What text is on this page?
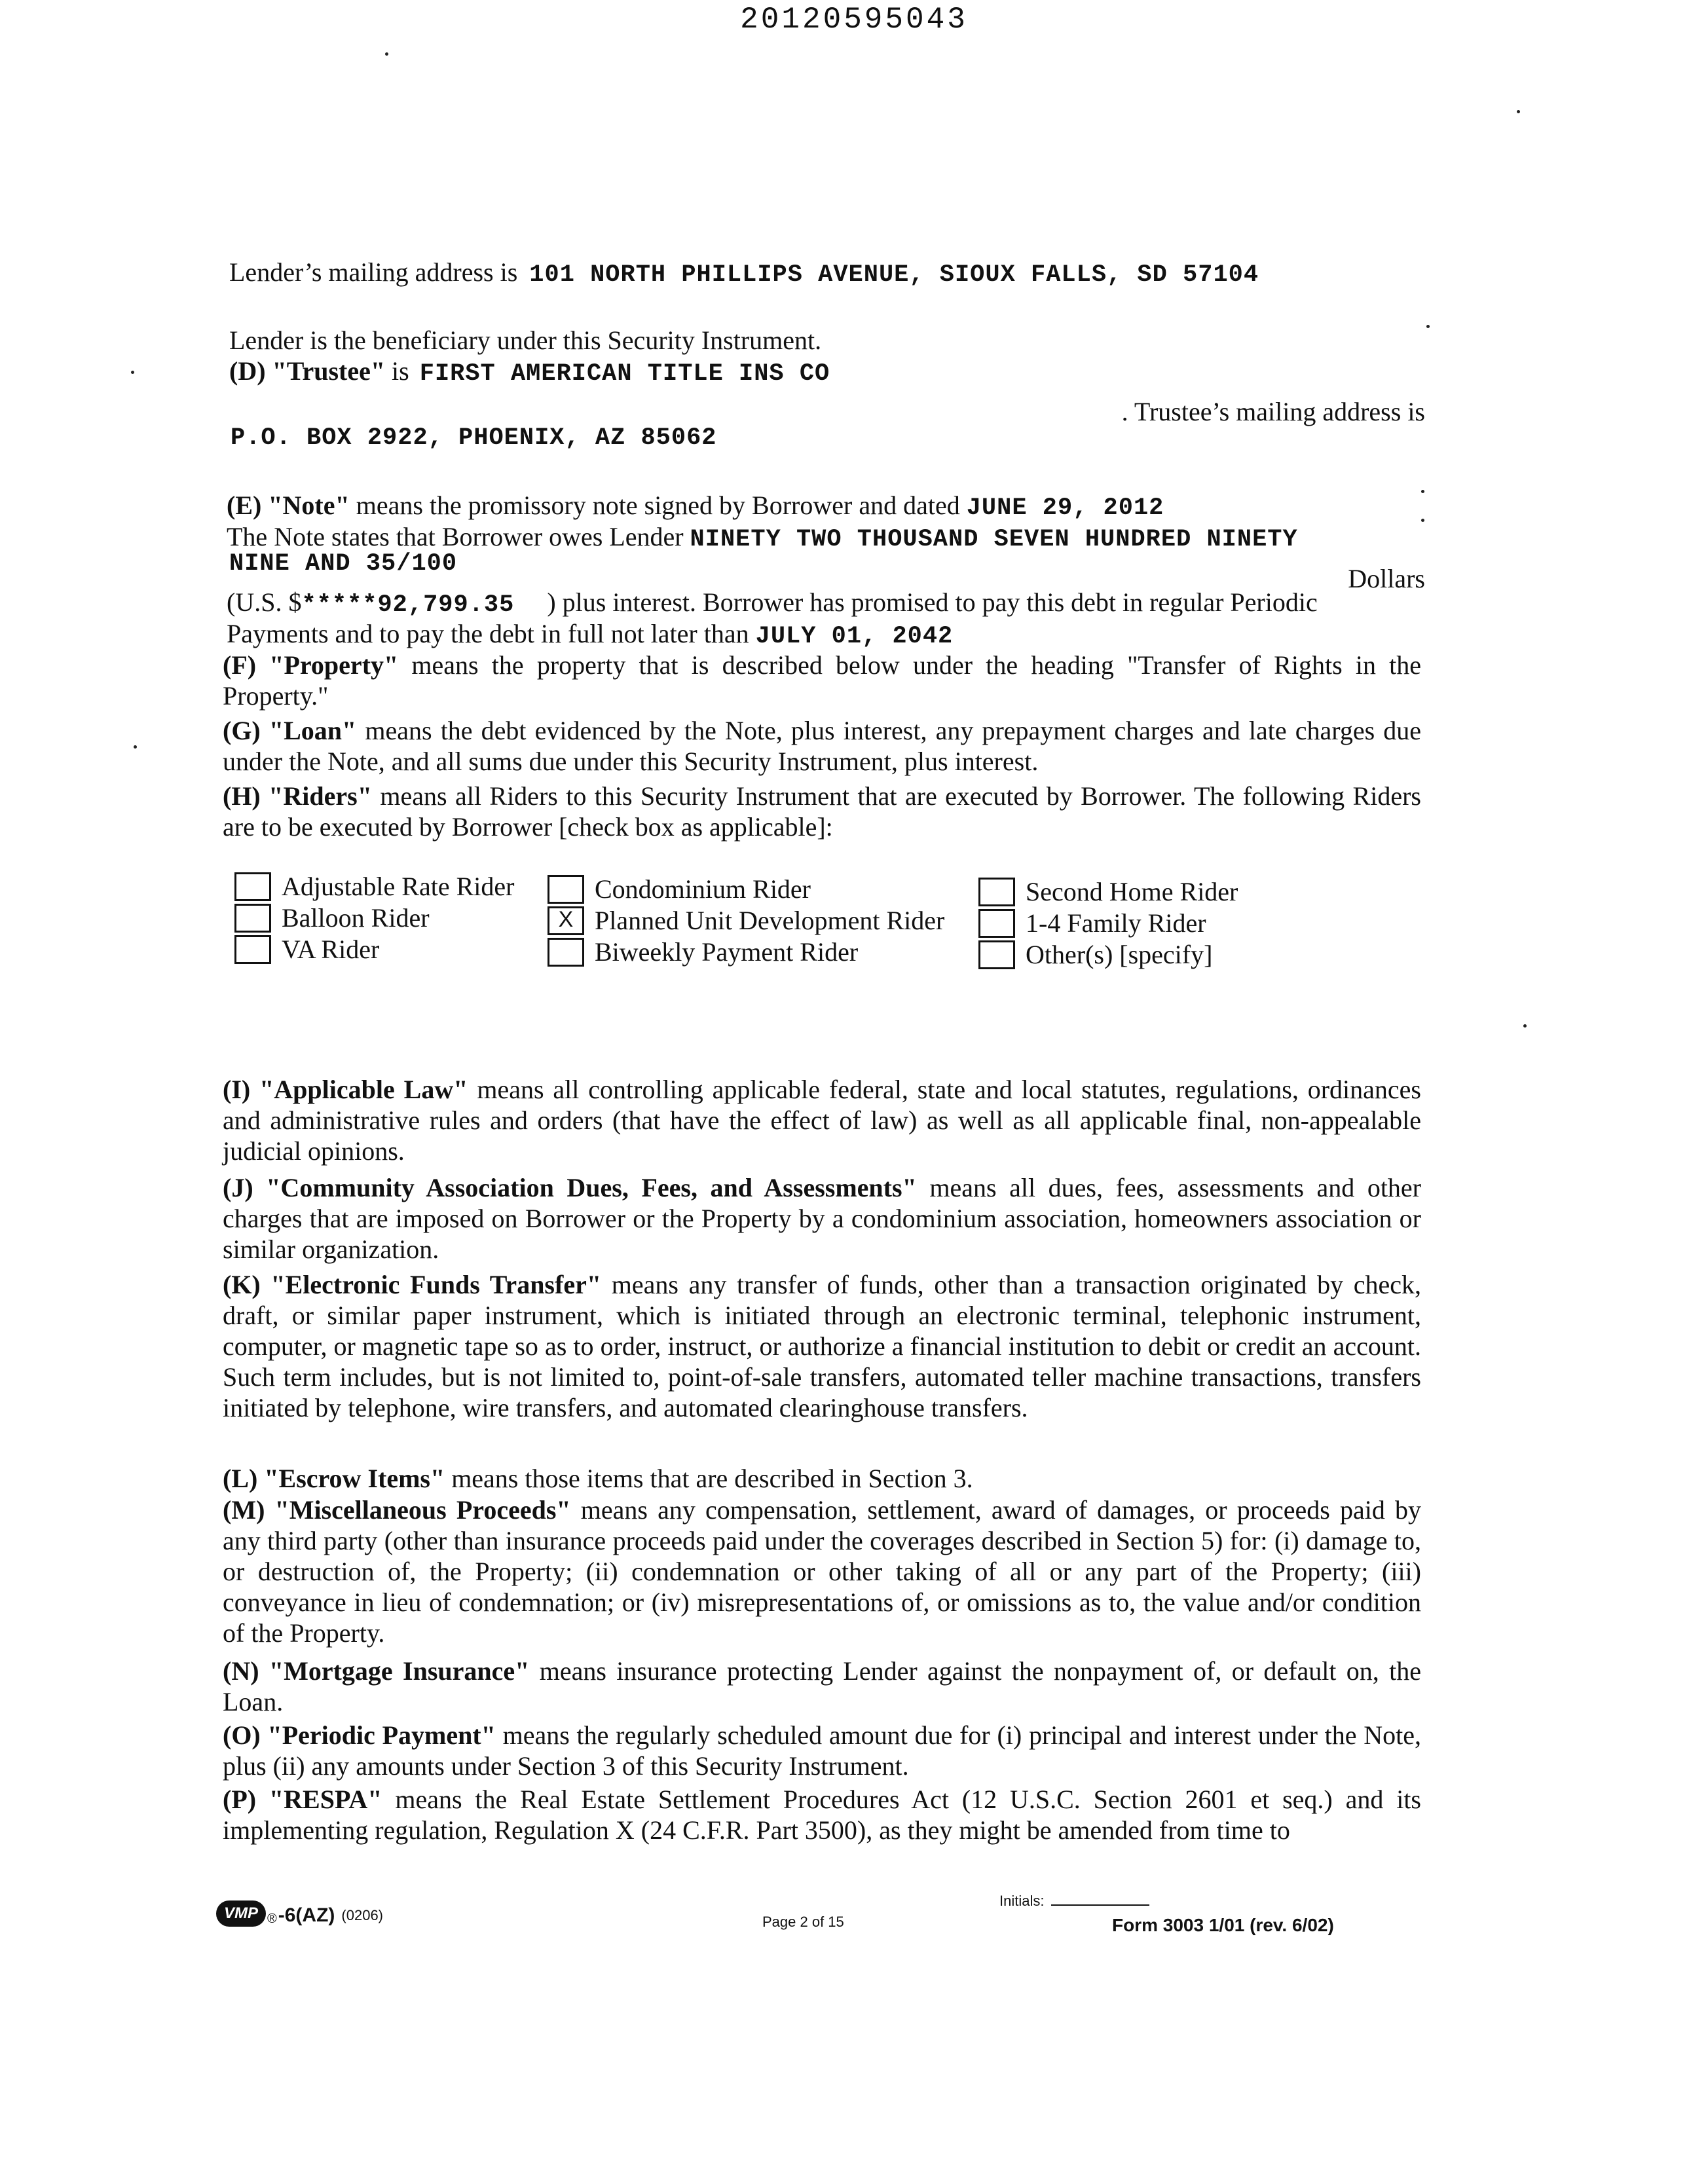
20120595043
Lender’s mailing address is 101 NORTH PHILLIPS AVENUE, SIOUX FALLS, SD 57104
Lender is the beneficiary under this Security Instrument.
(D) "Trustee" is FIRST AMERICAN TITLE INS CO
. Trustee’s mailing address is
P.O. BOX 2922, PHOENIX, AZ 85062
(E) "Note" means the promissory note signed by Borrower and dated JUNE 29, 2012
The Note states that Borrower owes Lender NINETY TWO THOUSAND SEVEN HUNDRED NINETY
NINE AND 35/100	Dollars
(U.S. $*****92,799.35 ) plus interest. Borrower has promised to pay this debt in regular Periodic
Payments and to pay the debt in full not later than JULY 01, 2042
(F) "Property" means the property that is described below under the heading "Transfer of Rights in the Property."
(G) "Loan" means the debt evidenced by the Note, plus interest, any prepayment charges and late charges due under the Note, and all sums due under this Security Instrument, plus interest.
(H) "Riders" means all Riders to this Security Instrument that are executed by Borrower. The following Riders are to be executed by Borrower [check box as applicable]:
Adjustable Rate Rider
Balloon Rider
VA Rider
Condominium Rider
X
Planned Unit Development Rider
Biweekly Payment Rider
Second Home Rider
1-4 Family Rider
Other(s) [specify]
(I) "Applicable Law" means all controlling applicable federal, state and local statutes, regulations, ordinances and administrative rules and orders (that have the effect of law) as well as all applicable final, non-appealable judicial opinions.
(J) "Community Association Dues, Fees, and Assessments" means all dues, fees, assessments and other charges that are imposed on Borrower or the Property by a condominium association, homeowners association or similar organization.
(K) "Electronic Funds Transfer" means any transfer of funds, other than a transaction originated by check, draft, or similar paper instrument, which is initiated through an electronic terminal, telephonic instrument, computer, or magnetic tape so as to order, instruct, or authorize a financial institution to debit or credit an account. Such term includes, but is not limited to, point-of-sale transfers, automated teller machine transactions, transfers initiated by telephone, wire transfers, and automated clearinghouse transfers.
(L) "Escrow Items" means those items that are described in Section 3.
(M) "Miscellaneous Proceeds" means any compensation, settlement, award of damages, or proceeds paid by any third party (other than insurance proceeds paid under the coverages described in Section 5) for: (i) damage to, or destruction of, the Property; (ii) condemnation or other taking of all or any part of the Property; (iii) conveyance in lieu of condemnation; or (iv) misrepresentations of, or omissions as to, the value and/or condition of the Property.
(N) "Mortgage Insurance" means insurance protecting Lender against the nonpayment of, or default on, the Loan.
(O) "Periodic Payment" means the regularly scheduled amount due for (i) principal and interest under the Note, plus (ii) any amounts under Section 3 of this Security Instrument.
(P) "RESPA" means the Real Estate Settlement Procedures Act (12 U.S.C. Section 2601 et seq.) and its implementing regulation, Regulation X (24 C.F.R. Part 3500), as they might be amended from time to
VMP ® -6(AZ) (0206)	Page 2 of 15
Initials:
Form 3003 1/01 (rev. 6/02)
